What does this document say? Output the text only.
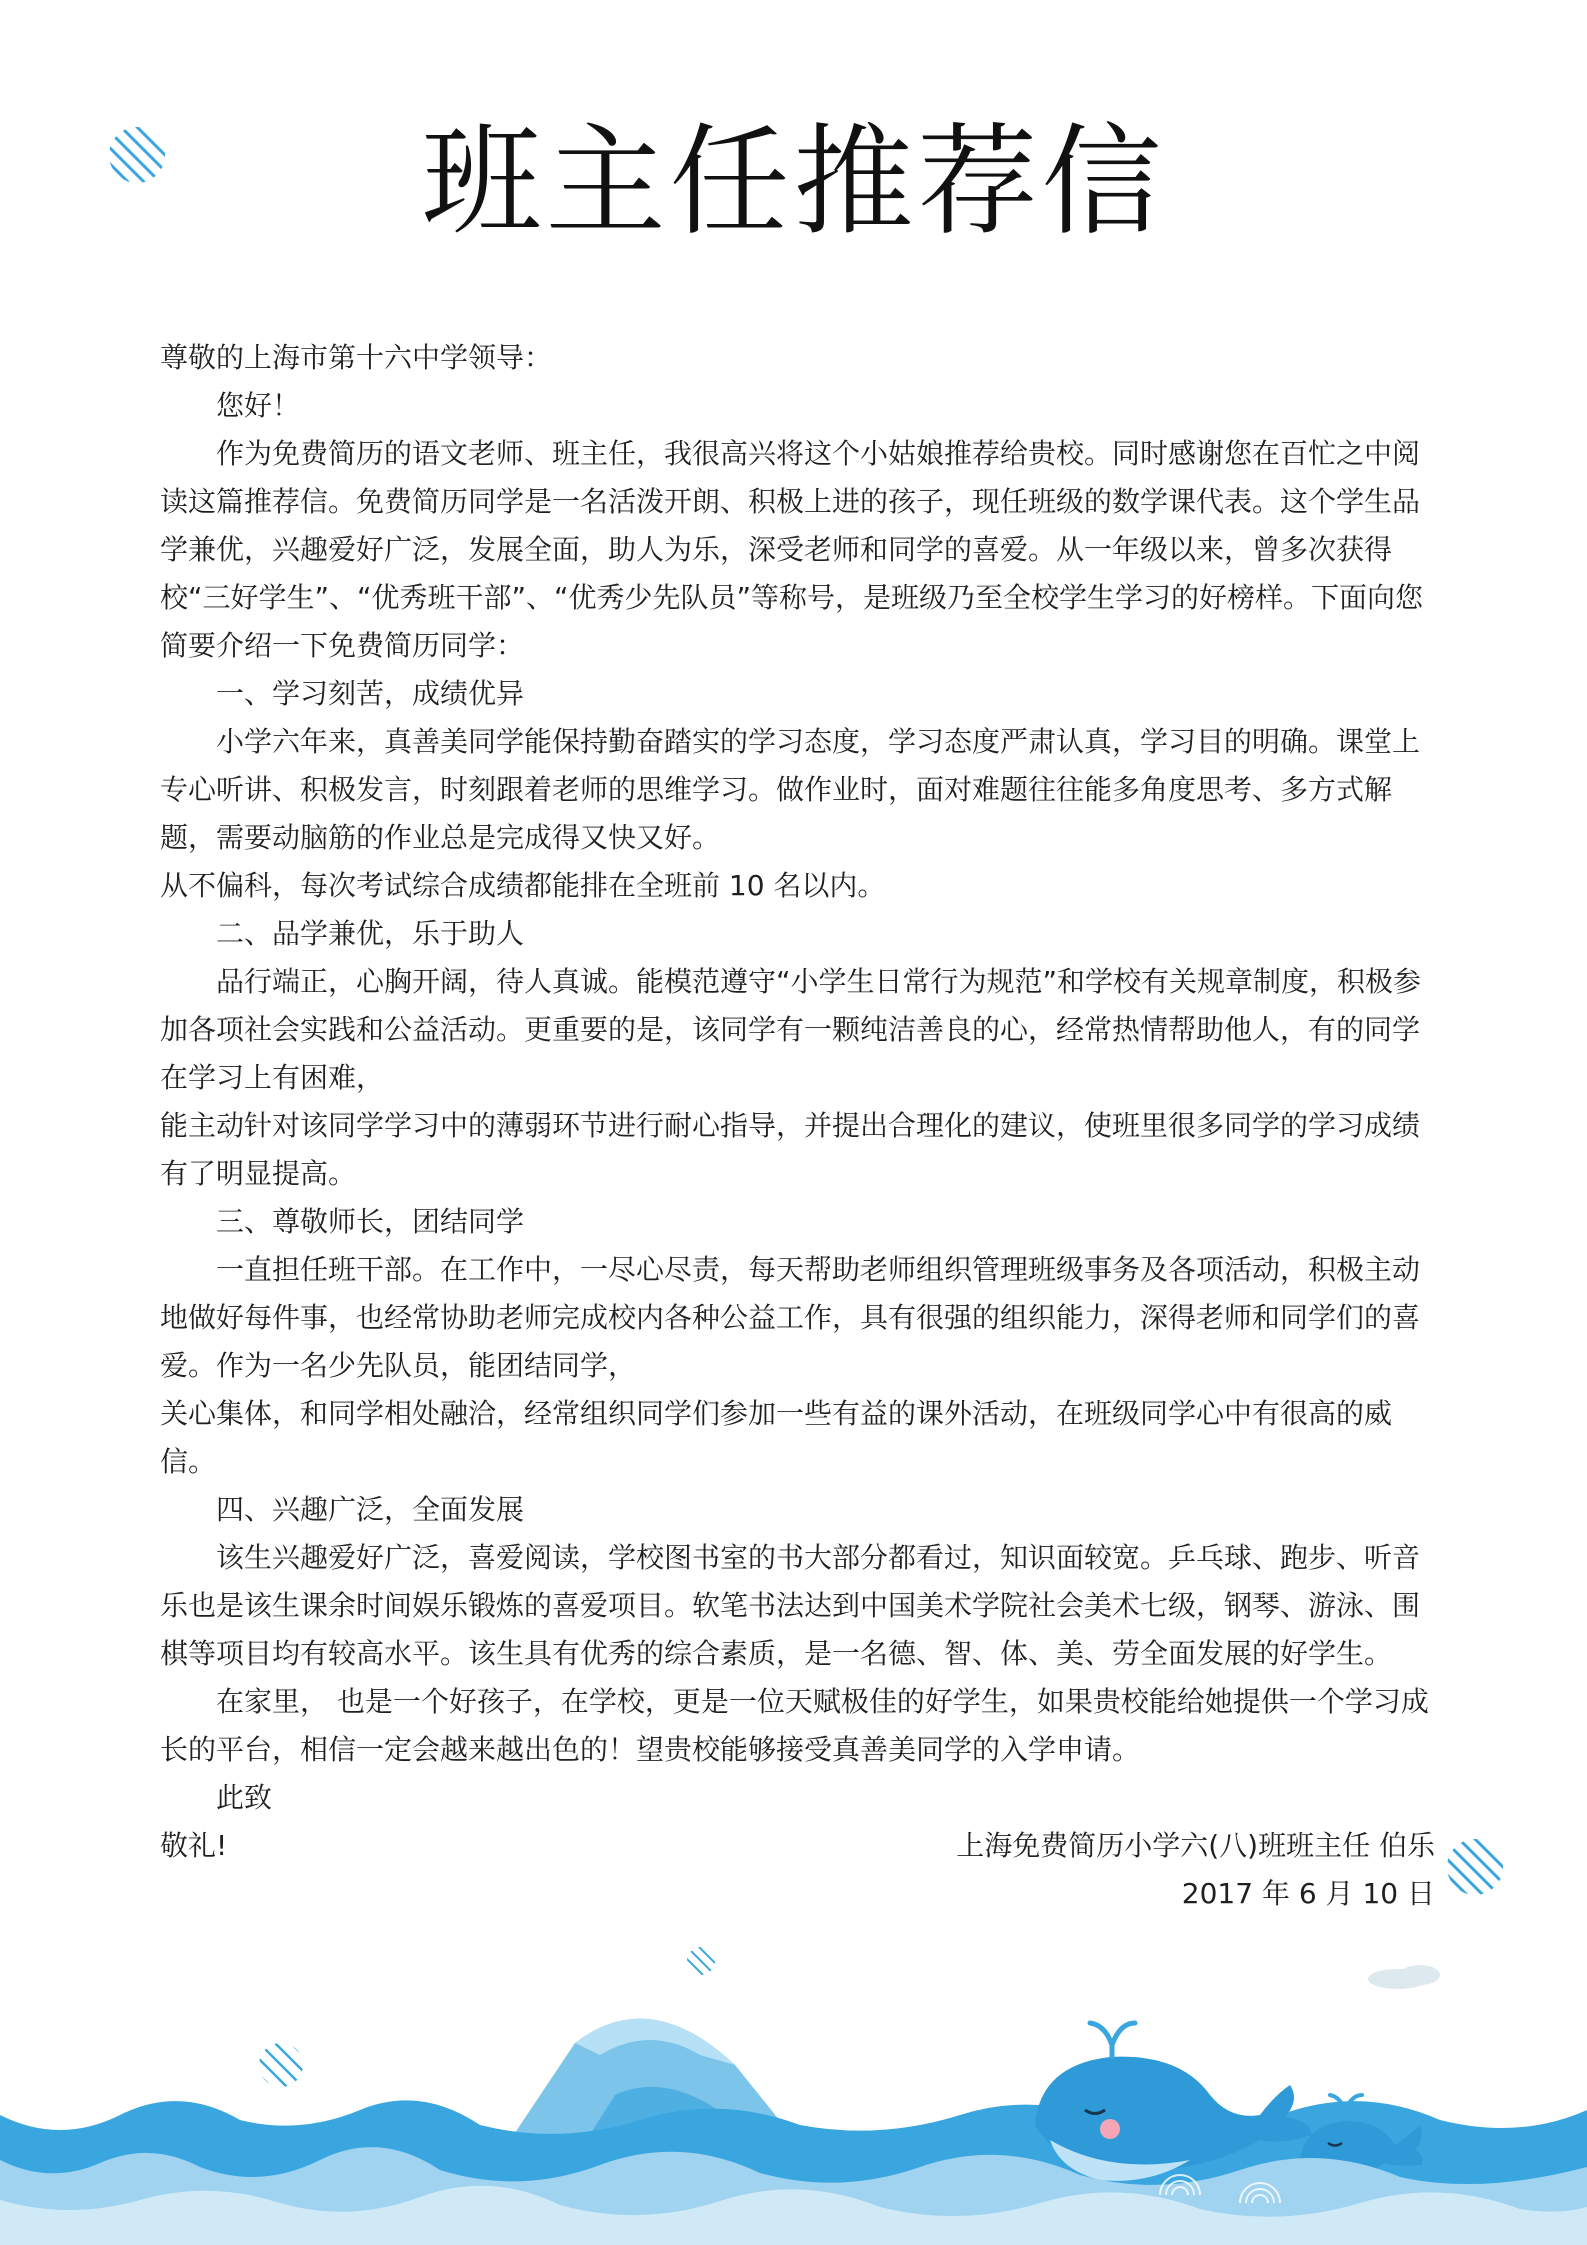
班主任推荐信

尊敬的上海市第十六中学领导：

您好！

作为免费简历的语文老师、班主任，我很高兴将这个小姑娘推荐给贵校。同时感谢您在百忙之中阅读这篇推荐信。免费简历同学是一名活泼开朗、积极上进的孩子，现任班级的数学课代表。这个学生品学兼优，兴趣爱好广泛，发展全面，助人为乐，深受老师和同学的喜爱。从一年级以来，曾多次获得校“三好学生”、“优秀班干部”、“优秀少先队员”等称号，是班级乃至全校学生学习的好榜样。下面向您简要介绍一下免费简历同学：

一、学习刻苦，成绩优异

小学六年来，真善美同学能保持勤奋踏实的学习态度，学习态度严肃认真，学习目的明确。课堂上专心听讲、积极发言，时刻跟着老师的思维学习。做作业时，面对难题往往能多角度思考、多方式解题，需要动脑筋的作业总是完成得又快又好。

从不偏科，每次考试综合成绩都能排在全班前 10 名以内。

二、品学兼优，乐于助人

品行端正，心胸开阔，待人真诚。能模范遵守“小学生日常行为规范”和学校有关规章制度，积极参加各项社会实践和公益活动。更重要的是，该同学有一颗纯洁善良的心，经常热情帮助他人，有的同学在学习上有困难，

能主动针对该同学学习中的薄弱环节进行耐心指导，并提出合理化的建议，使班里很多同学的学习成绩有了明显提高。

三、尊敬师长，团结同学

一直担任班干部。在工作中，一尽心尽责，每天帮助老师组织管理班级事务及各项活动，积极主动地做好每件事，也经常协助老师完成校内各种公益工作，具有很强的组织能力，深得老师和同学们的喜爱。作为一名少先队员，能团结同学，

关心集体，和同学相处融洽，经常组织同学们参加一些有益的课外活动，在班级同学心中有很高的威信。

四、兴趣广泛，全面发展

该生兴趣爱好广泛，喜爱阅读，学校图书室的书大部分都看过，知识面较宽。乒乓球、跑步、听音乐也是该生课余时间娱乐锻炼的喜爱项目。软笔书法达到中国美术学院社会美术七级，钢琴、游泳、围棋等项目均有较高水平。该生具有优秀的综合素质，是一名德、智、体、美、劳全面发展的好学生。

在家里， 也是一个好孩子，在学校，更是一位天赋极佳的好学生，如果贵校能给她提供一个学习成长的平台，相信一定会越来越出色的！望贵校能够接受真善美同学的入学申请。

此致

敬礼!	上海免费简历小学六(八)班班主任 伯乐

2017 年 6 月 10 日
